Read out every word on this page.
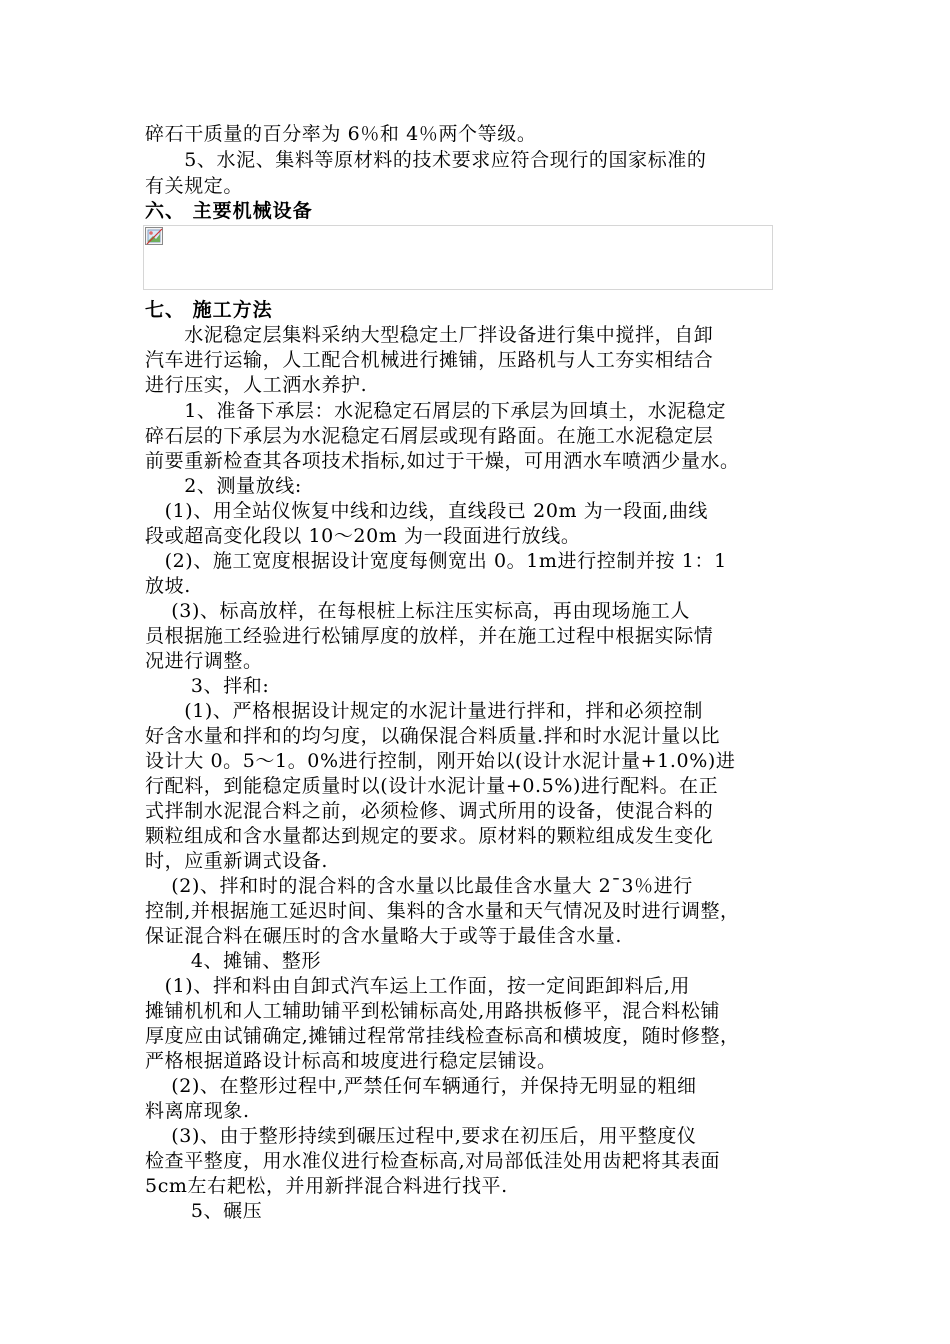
碎石干质量的百分率为 6％和 4％两个等级。
　　5、水泥、集料等原材料的技术要求应符合现行的国家标准的
有关规定。
六、 主要机械设备
七、 施工方法
　　水泥稳定层集料采纳大型稳定土厂拌设备进行集中搅拌，自卸
汽车进行运输，人工配合机械进行摊铺，压路机与人工夯实相结合
进行压实，人工洒水养护.
　　1、准备下承层：水泥稳定石屑层的下承层为回填土，水泥稳定
碎石层的下承层为水泥稳定石屑层或现有路面。在施工水泥稳定层
前要重新检查其各项技术指标,如过于干燥，可用洒水车喷洒少量水。
　　2、测量放线:
　(1)、用全站仪恢复中线和边线，直线段已 20m 为一段面,曲线
段或超高变化段以 10～20m 为一段面进行放线。
　(2)、施工宽度根据设计宽度每侧宽出 0。1m进行控制并按 1：1
放坡.
　 (3)、标高放样，在每根桩上标注压实标高，再由现场施工人
员根据施工经验进行松铺厚度的放样，并在施工过程中根据实际情
况进行调整。
　　 3、拌和:
　　(1)、严格根据设计规定的水泥计量进行拌和，拌和必须控制
好含水量和拌和的均匀度，以确保混合料质量.拌和时水泥计量以比
设计大 0。5～1。0%进行控制，刚开始以(设计水泥计量+1.0%)进
行配料，到能稳定质量时以(设计水泥计量+0.5%)进行配料。在正
式拌制水泥混合料之前，必须检修、调式所用的设备，使混合料的
颗粒组成和含水量都达到规定的要求。原材料的颗粒组成发生变化
时，应重新调式设备.
　 (2)、拌和时的混合料的含水量以比最佳含水量大 2¯3％进行
控制,并根据施工延迟时间、集料的含水量和天气情况及时进行调整，
保证混合料在碾压时的含水量略大于或等于最佳含水量.
　　 4、摊铺、整形
　(1)、拌和料由自卸式汽车运上工作面，按一定间距卸料后,用
摊铺机机和人工辅助铺平到松铺标高处,用路拱板修平，混合料松铺
厚度应由试铺确定,摊铺过程常常挂线检查标高和横坡度，随时修整，
严格根据道路设计标高和坡度进行稳定层铺设。
　 (2)、在整形过程中,严禁任何车辆通行，并保持无明显的粗细
料离席现象.
　 (3)、由于整形持续到碾压过程中,要求在初压后，用平整度仪
检查平整度，用水准仪进行检查标高,对局部低洼处用齿耙将其表面
5cm左右耙松，并用新拌混合料进行找平.
　　 5、碾压
